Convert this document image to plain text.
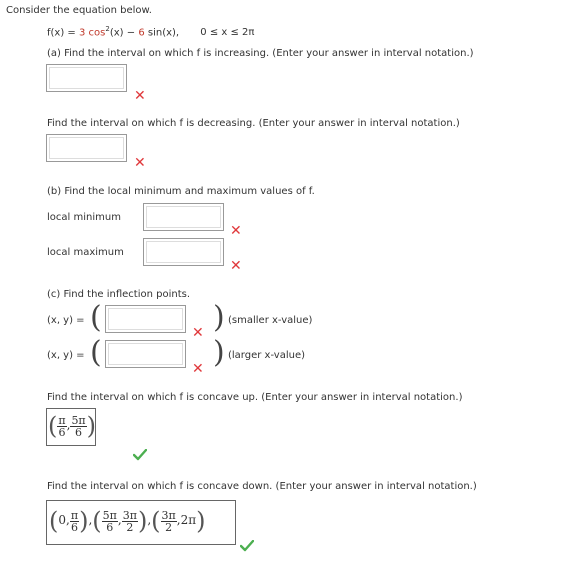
Consider the equation below.
f(x) = 3 $\cos^2(x) - 6$ sin(x), 0 ≤ x ≤ 2π
(a) Find the interval on which f is increasing. (Enter your answer in interval notation.)
✕
Find the interval on which f is decreasing. (Enter your answer in interval notation.)
✕
(b) Find the local minimum and maximum values of f.
local minimum
✕
local maximum
✕
(c) Find the inflection points.
(x, y) = (	) (smaller x-value)
✕
(x, y) = (	) (larger x-value)
✕
Find the interval on which f is concave up. (Enter your answer in interval notation.)
( $\frac{\pi}{6}$ , $\frac{5\pi}{6}$ )
Find the interval on which f is concave down. (Enter your answer in interval notation.)
(0, $\frac{\pi}{6}$ ),( $\frac{5\pi}{6}$ , $\frac{3\pi}{2}$ ),( $\frac{3\pi}{2} ,2\pi$)
